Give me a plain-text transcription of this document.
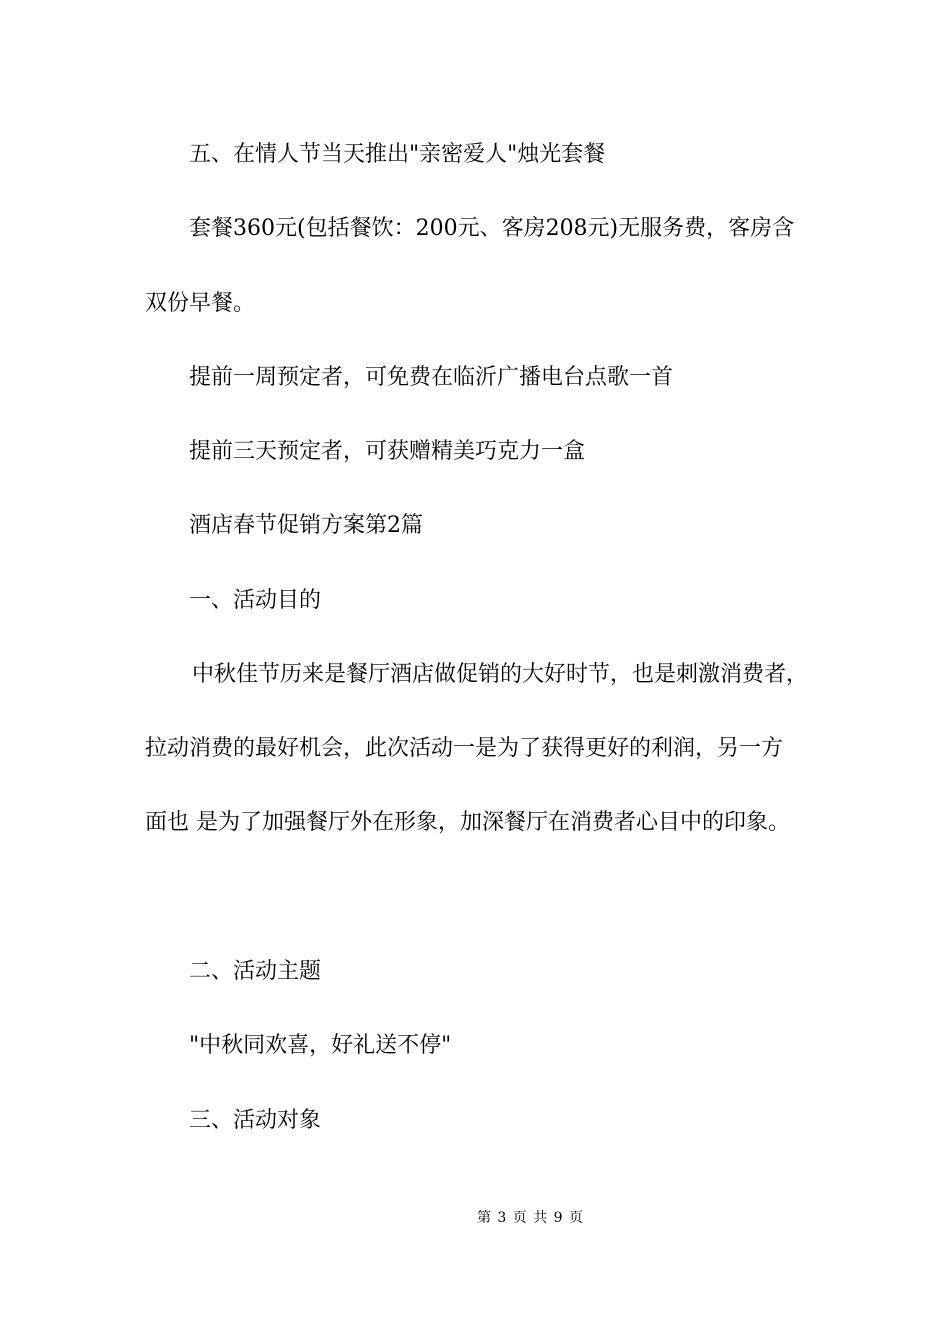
五、在情人节当天推出"亲密爱人"烛光套餐
套餐360元(包括餐饮：200元、客房208元)无服务费，客房含
双份早餐。
提前一周预定者，可免费在临沂广播电台点歌一首
提前三天预定者，可获赠精美巧克力一盒
酒店春节促销方案第2篇
一、活动目的
中秋佳节历来是餐厅酒店做促销的大好时节，也是刺激消费者，
拉动消费的最好机会，此次活动一是为了获得更好的利润，另一方
面也 是为了加强餐厅外在形象，加深餐厅在消费者心目中的印象。
二、活动主题
"中秋同欢喜，好礼送不停"
三、活动对象
第 3 页 共 9 页
